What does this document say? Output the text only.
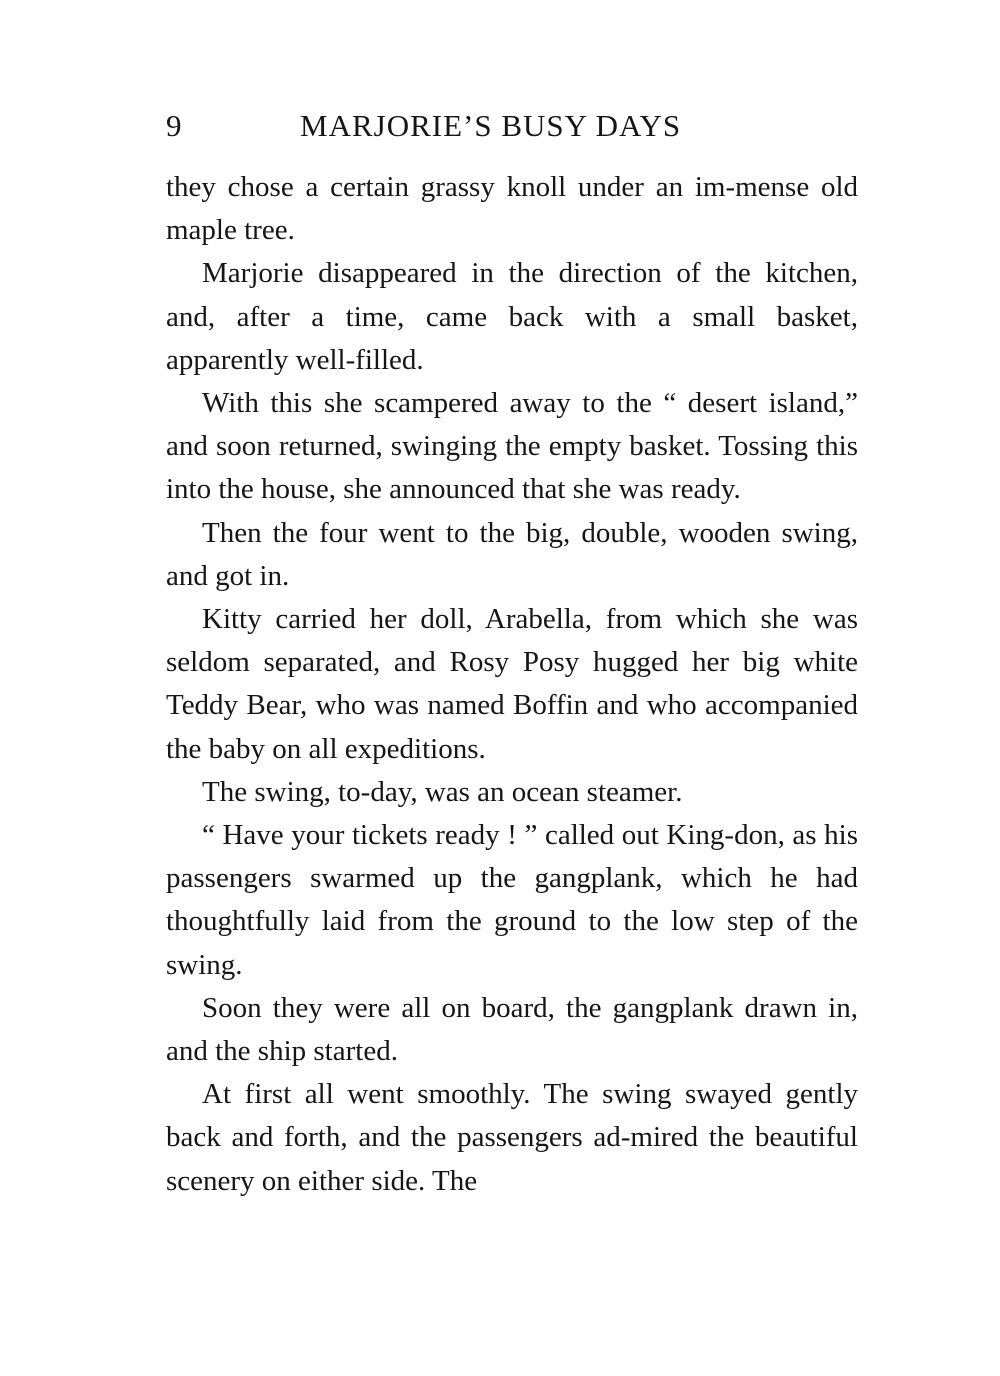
9	MARJORIE’S BUSY DAYS

they chose a certain grassy knoll under an im-mense old maple tree.

Marjorie disappeared in the direction of the kitchen, and, after a time, came back with a small basket, apparently well-filled.

With this she scampered away to the “ desert island,” and soon returned, swinging the empty basket. Tossing this into the house, she announced that she was ready.

Then the four went to the big, double, wooden swing, and got in.

Kitty carried her doll, Arabella, from which she was seldom separated, and Rosy Posy hugged her big white Teddy Bear, who was named Boffin and who accompanied the baby on all expeditions.

The swing, to-day, was an ocean steamer.

“ Have your tickets ready ! ” called out King-don, as his passengers swarmed up the gangplank, which he had thoughtfully laid from the ground to the low step of the swing.

Soon they were all on board, the gangplank drawn in, and the ship started.

At first all went smoothly. The swing swayed gently back and forth, and the passengers ad-mired the beautiful scenery on either side. The
